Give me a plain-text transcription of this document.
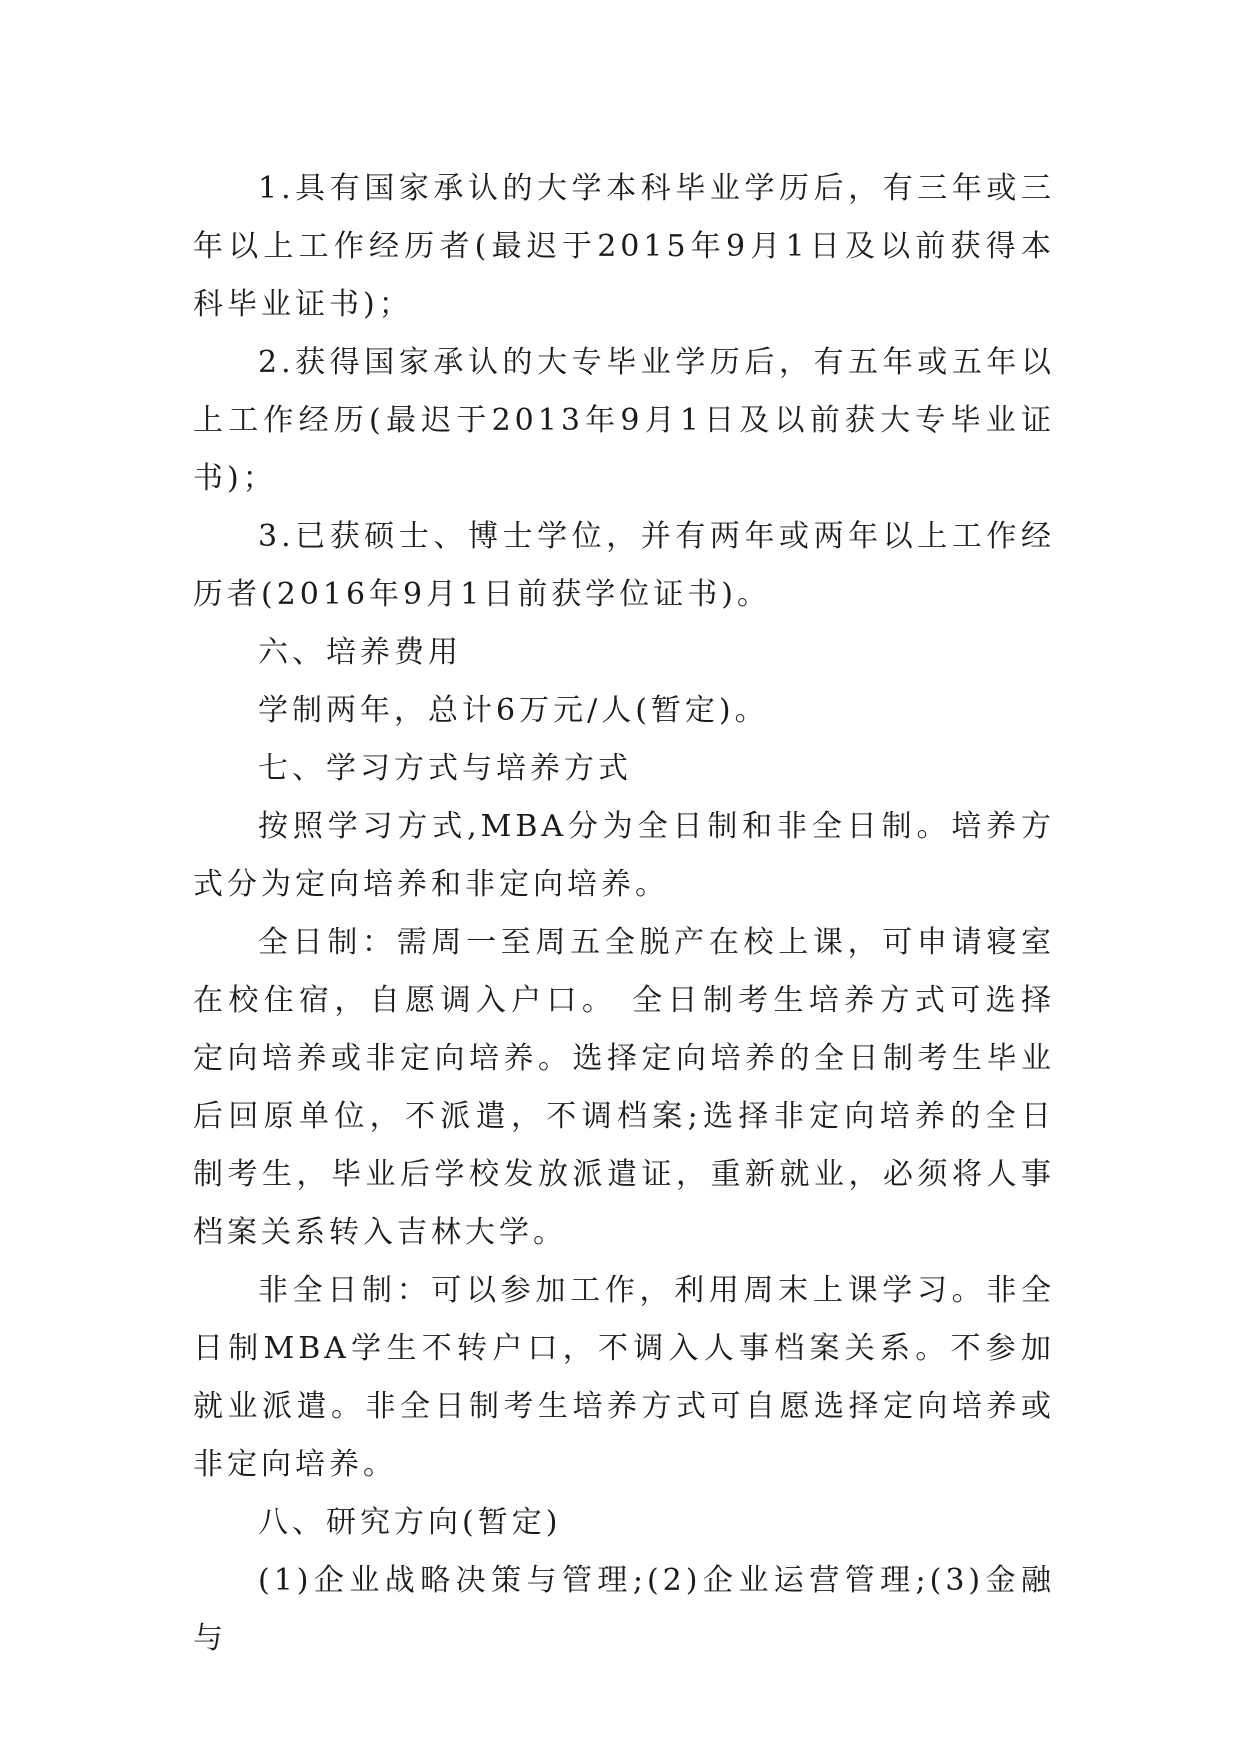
1.具有国家承认的大学本科毕业学历后，有三年或三年以上工作经历者(最迟于2015年9月1日及以前获得本科毕业证书)；

2.获得国家承认的大专毕业学历后，有五年或五年以上工作经历(最迟于2013年9月1日及以前获大专毕业证书)；

3.已获硕士、博士学位，并有两年或两年以上工作经历者(2016年9月1日前获学位证书)。

六、培养费用

学制两年，总计6万元/人(暂定)。

七、学习方式与培养方式

按照学习方式,MBA分为全日制和非全日制。培养方式分为定向培养和非定向培养。

全日制：需周一至周五全脱产在校上课，可申请寝室在校住宿，自愿调入户口。 全日制考生培养方式可选择定向培养或非定向培养。选择定向培养的全日制考生毕业后回原单位，不派遣，不调档案;选择非定向培养的全日制考生，毕业后学校发放派遣证，重新就业，必须将人事档案关系转入吉林大学。

非全日制：可以参加工作，利用周末上课学习。非全日制MBA学生不转户口，不调入人事档案关系。不参加就业派遣。非全日制考生培养方式可自愿选择定向培养或非定向培养。

八、研究方向(暂定)

(1)企业战略决策与管理;(2)企业运营管理;(3)金融与
